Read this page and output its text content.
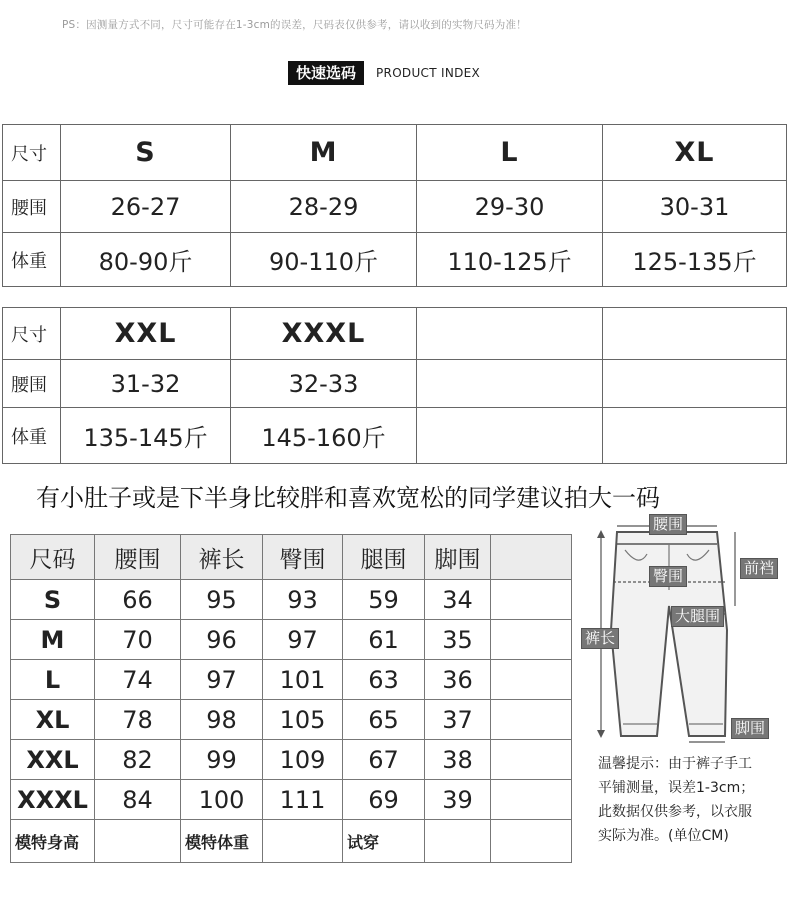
PS：因测量方式不同，尺寸可能存在1-3cm的误差，尺码表仅供参考，请以收到的实物尺码为准！
快速选码	PRODUCT INDEX
尺寸	S	M	L	XL
腰围	26-27	28-29	29-30	30-31
体重	80-90斤	90-110斤	110-125斤	125-135斤
尺寸	XXL	XXXL		
腰围	31-32	32-33		
体重	135-145斤	145-160斤		
有小肚子或是下半身比较胖和喜欢宽松的同学建议拍大一码
尺码	腰围	裤长	臀围	腿围	脚围	
S	66	95	93	59	34	
M	70	96	97	61	35	
L	74	97	101	63	36	
XL	78	98	105	65	37	
XXL	82	99	109	67	38	
XXXL	84	100	111	69	39	
模特身高		模特体重		试穿		
腰围
臀围	前裆
大腿围
裤长
脚围
温馨提示：由于裤子手工
平铺测量，误差1-3cm；
此数据仅供参考，以衣服
实际为准。(单位CM)
